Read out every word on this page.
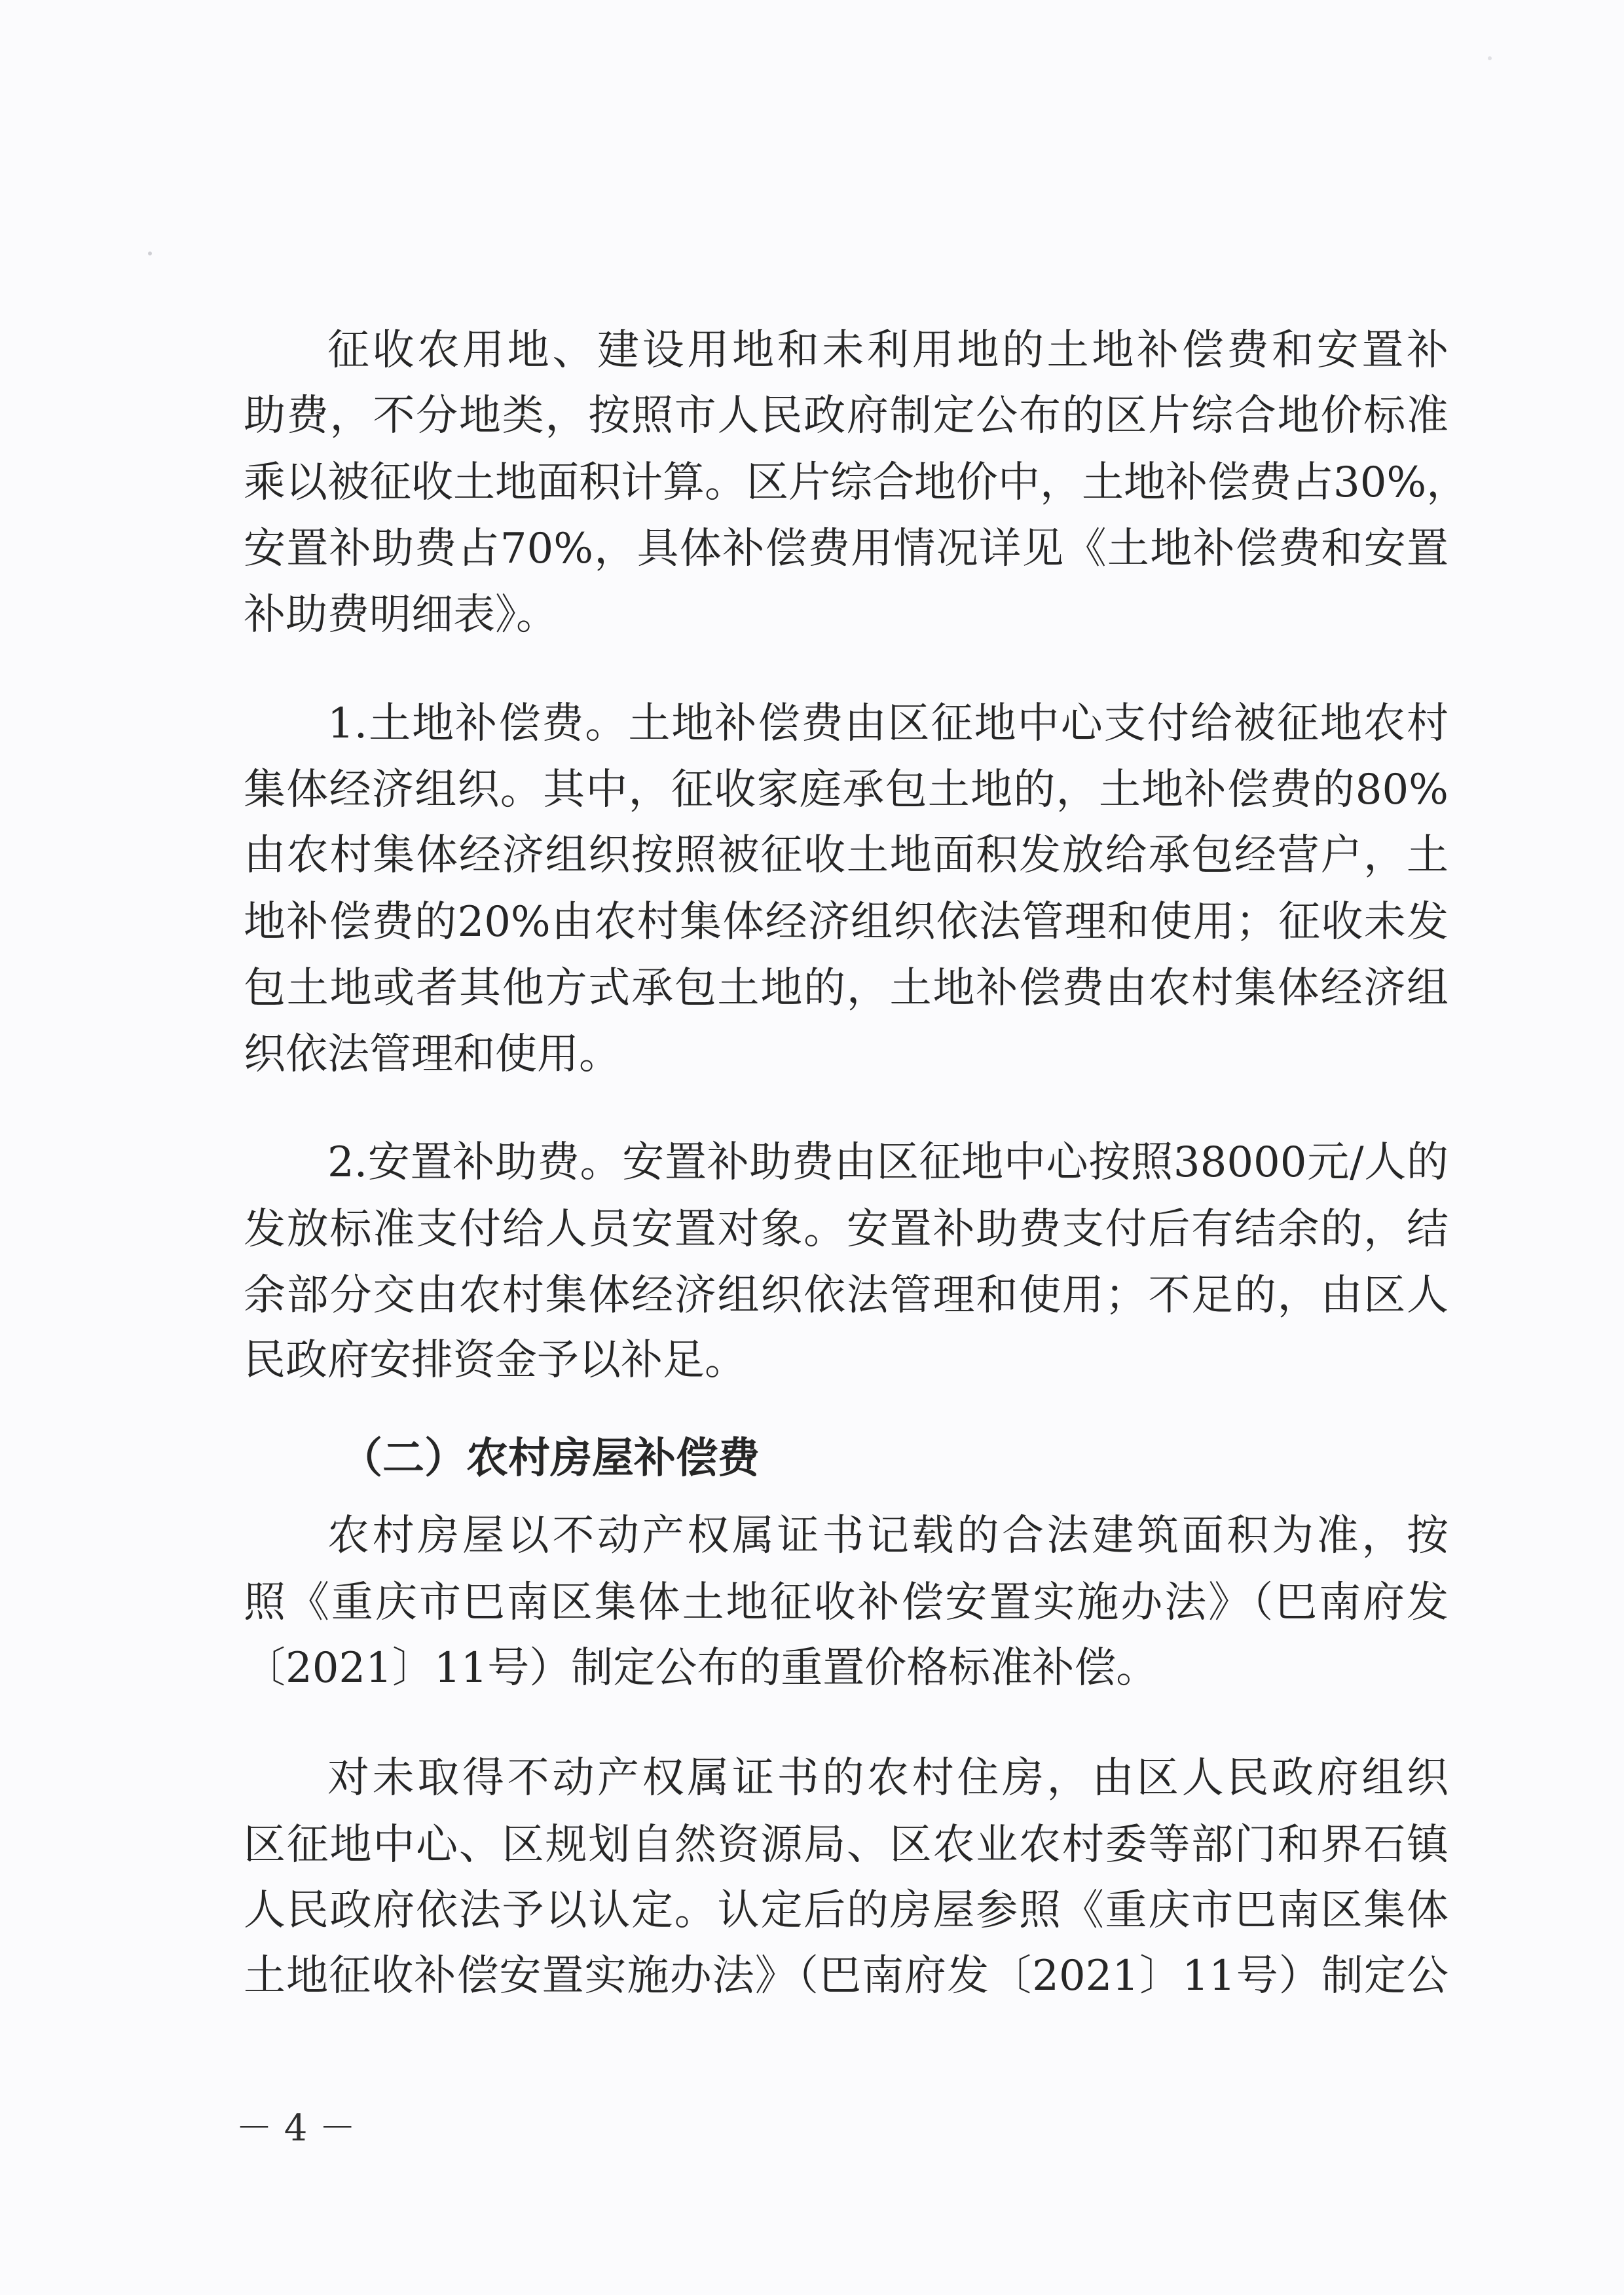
征收农用地、建设用地和未利用地的土地补偿费和安置补
助费，不分地类，按照市人民政府制定公布的区片综合地价标准
乘以被征收土地面积计算。区片综合地价中，土地补偿费占30%，
安置补助费占70%，具体补偿费用情况详见《土地补偿费和安置
补助费明细表》。
1.土地补偿费。土地补偿费由区征地中心支付给被征地农村
集体经济组织。其中，征收家庭承包土地的，土地补偿费的80%
由农村集体经济组织按照被征收土地面积发放给承包经营户，土
地补偿费的20%由农村集体经济组织依法管理和使用；征收未发
包土地或者其他方式承包土地的，土地补偿费由农村集体经济组
织依法管理和使用。
2.安置补助费。安置补助费由区征地中心按照38000元/人的
发放标准支付给人员安置对象。安置补助费支付后有结余的，结
余部分交由农村集体经济组织依法管理和使用；不足的，由区人
民政府安排资金予以补足。
（二）农村房屋补偿费
农村房屋以不动产权属证书记载的合法建筑面积为准，按
照《重庆市巴南区集体土地征收补偿安置实施办法》（巴南府发
〔2021〕11号）制定公布的重置价格标准补偿。
对未取得不动产权属证书的农村住房，由区人民政府组织
区征地中心、区规划自然资源局、区农业农村委等部门和界石镇
人民政府依法予以认定。认定后的房屋参照《重庆市巴南区集体
土地征收补偿安置实施办法》（巴南府发〔2021〕11号）制定公
－ 4 －
